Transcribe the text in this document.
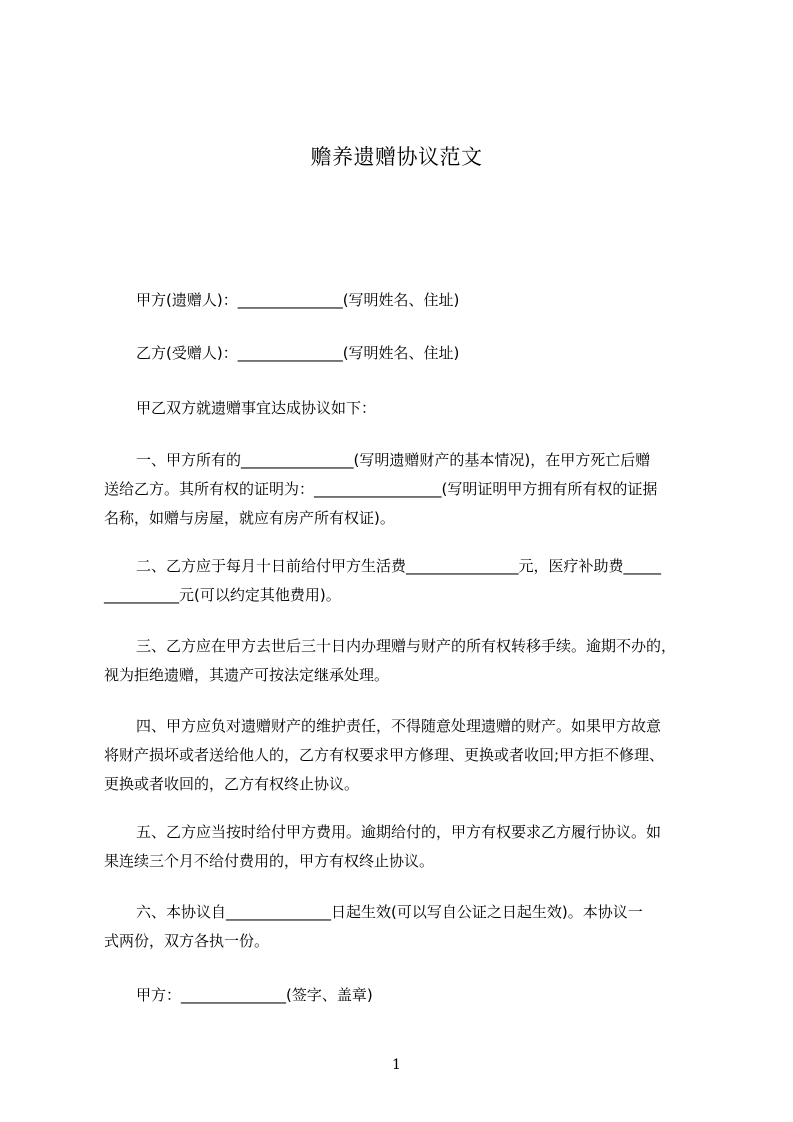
赡养遗赠协议范文
甲方(遗赠人)：______________(写明姓名、住址)
乙方(受赠人)：______________(写明姓名、住址)
甲乙双方就遗赠事宜达成协议如下：
一、甲方所有的_______________(写明遗赠财产的基本情况)，在甲方死亡后赠
送给乙方。其所有权的证明为：_________________(写明证明甲方拥有所有权的证据
名称，如赠与房屋，就应有房产所有权证)。
二、乙方应于每月十日前给付甲方生活费_______________元，医疗补助费_____
__________元(可以约定其他费用)。
三、乙方应在甲方去世后三十日内办理赠与财产的所有权转移手续。逾期不办的，
视为拒绝遗赠，其遗产可按法定继承处理。
四、甲方应负对遗赠财产的维护责任，不得随意处理遗赠的财产。如果甲方故意
将财产损坏或者送给他人的，乙方有权要求甲方修理、更换或者收回;甲方拒不修理、
更换或者收回的，乙方有权终止协议。
五、乙方应当按时给付甲方费用。逾期给付的，甲方有权要求乙方履行协议。如
果连续三个月不给付费用的，甲方有权终止协议。
六、本协议自______________日起生效(可以写自公证之日起生效)。本协议一
式两份，双方各执一份。
甲方：______________(签字、盖章)
1
